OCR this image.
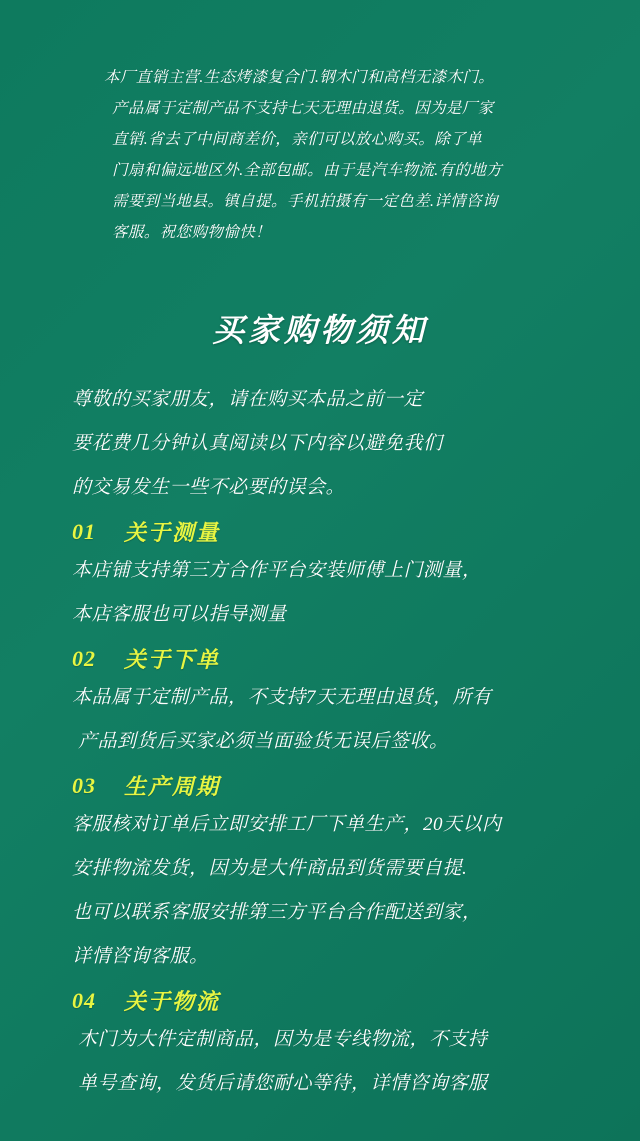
本厂直销主营.生态烤漆复合门.钢木门和高档无漆木门。
产品属于定制产品不支持七天无理由退货。因为是厂家
直销.省去了中间商差价，亲们可以放心购买。除了单
门扇和偏远地区外.全部包邮。由于是汽车物流.有的地方
需要到当地县。镇自提。手机拍摄有一定色差.详情咨询
客服。祝您购物愉快！
买家购物须知
尊敬的买家朋友，请在购买本品之前一定
要花费几分钟认真阅读以下内容以避免我们
的交易发生一些不必要的误会。
01 关于测量
本店铺支持第三方合作平台安装师傅上门测量，
本店客服也可以指导测量
02 关于下单
本品属于定制产品，不支持7天无理由退货，所有
产品到货后买家必须当面验货无误后签收。
03 生产周期
客服核对订单后立即安排工厂下单生产，20天以内
安排物流发货，因为是大件商品到货需要自提.
也可以联系客服安排第三方平台合作配送到家，
详情咨询客服。
04 关于物流
木门为大件定制商品，因为是专线物流，不支持
单号查询，发货后请您耐心等待，详情咨询客服
